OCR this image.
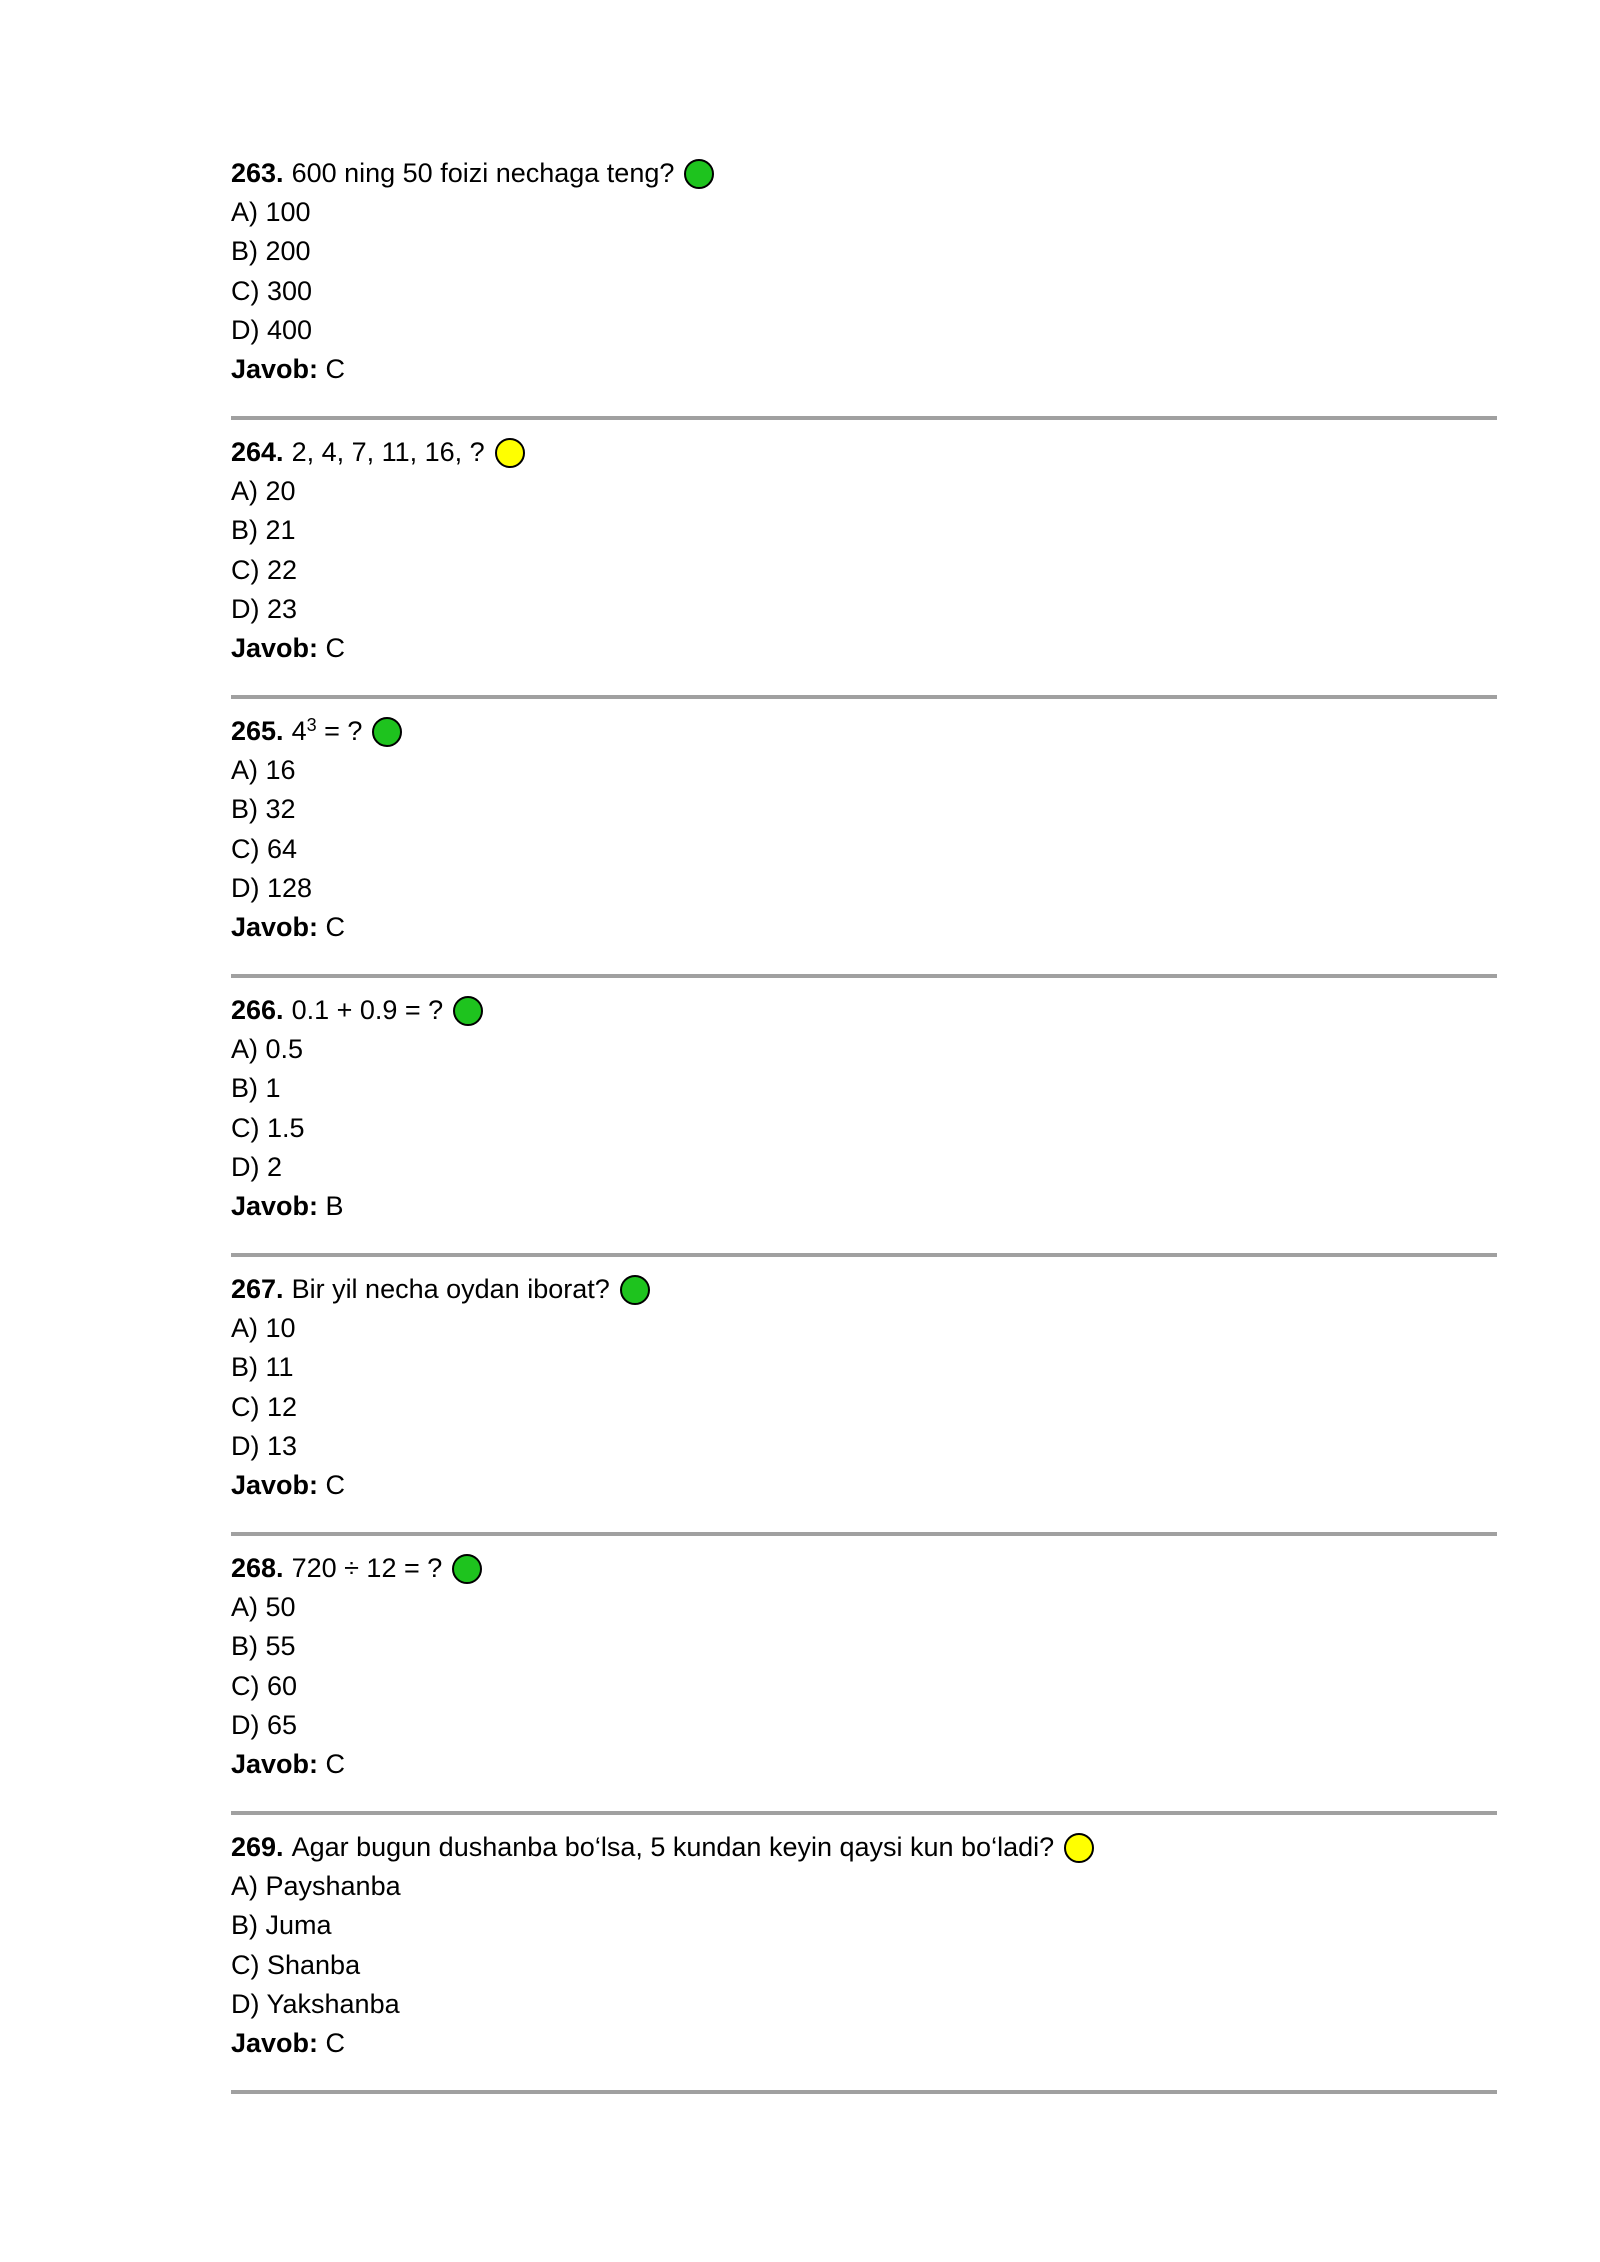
263. 600 ning 50 foizi nechaga teng?
A) 100
B) 200
C) 300
D) 400
Javob: C
264. 2, 4, 7, 11, 16, ?
A) 20
B) 21
C) 22
D) 23
Javob: C
265. $4^3$ = ?
A) 16
B) 32
C) 64
D) 128
Javob: C
266. 0.1 + 0.9 = ?
A) 0.5
B) 1
C) 1.5
D) 2
Javob: B
267. Bir yil necha oydan iborat?
A) 10
B) 11
C) 12
D) 13
Javob: C
268. 720 ÷ 12 = ?
A) 50
B) 55
C) 60
D) 65
Javob: C
269. Agar bugun dushanba bo‘lsa, 5 kundan keyin qaysi kun bo‘ladi?
A) Payshanba
B) Juma
C) Shanba
D) Yakshanba
Javob: C
